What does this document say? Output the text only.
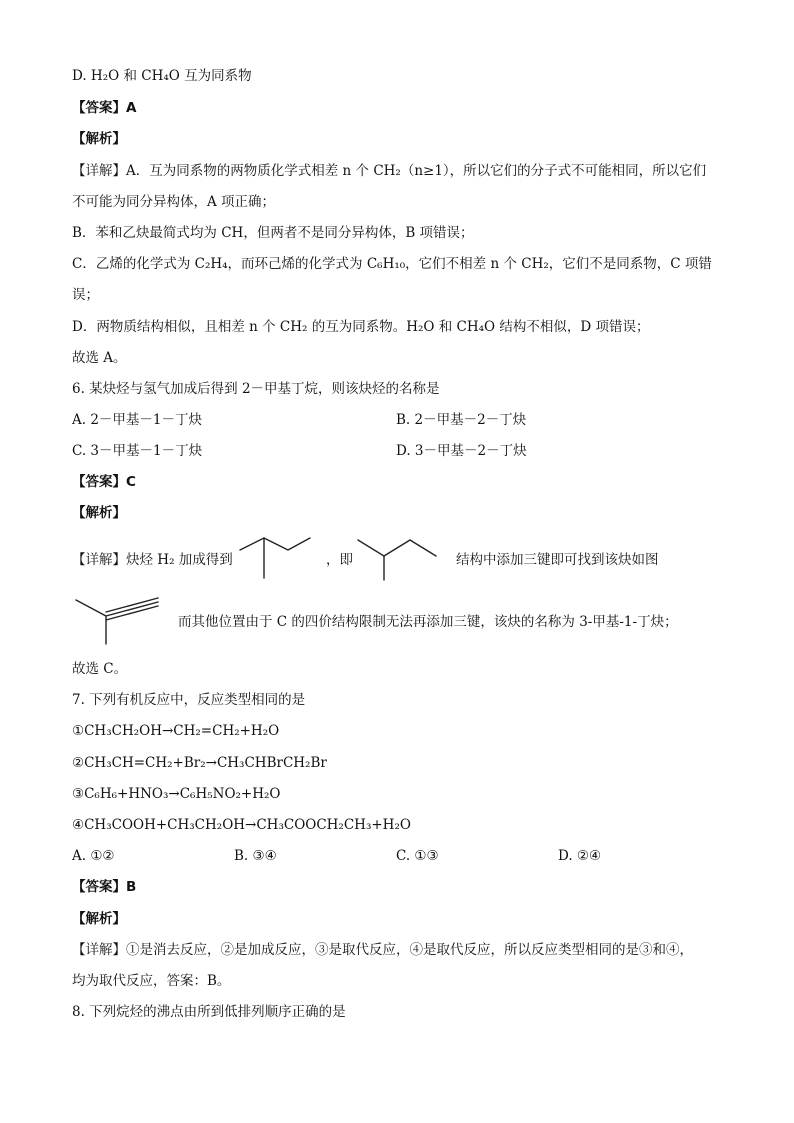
D. H₂O 和 CH₄O 互为同系物
【答案】A
【解析】
【详解】A．互为同系物的两物质化学式相差 n 个 CH₂（n≥1），所以它们的分子式不可能相同，所以它们
不可能为同分异构体，A 项正确；
B．苯和乙炔最简式均为 CH，但两者不是同分异构体，B 项错误；
C．乙烯的化学式为 C₂H₄，而环己烯的化学式为 C₆H₁₀，它们不相差 n 个 CH₂，它们不是同系物，C 项错
误；
D．两物质结构相似，且相差 n 个 CH₂ 的互为同系物。H₂O 和 CH₄O 结构不相似，D 项错误；
故选 A。
6. 某炔烃与氢气加成后得到 2－甲基丁烷，则该炔烃的名称是
A. 2－甲基－1－丁炔	B. 2－甲基－2－丁炔
C. 3－甲基－1－丁炔	D. 3－甲基－2－丁炔
【答案】C
【解析】
【详解】炔烃 H₂ 加成得到	，即	结构中添加三键即可找到该炔如图
而其他位置由于 C 的四价结构限制无法再添加三键，该炔的名称为 3-甲基-1-丁炔；
故选 C。
7. 下列有机反应中，反应类型相同的是
①CH₃CH₂OH→CH₂=CH₂+H₂O
②CH₃CH=CH₂+Br₂→CH₃CHBrCH₂Br
③C₆H₆+HNO₃→C₆H₅NO₂+H₂O
④CH₃COOH+CH₃CH₂OH→CH₃COOCH₂CH₃+H₂O
A. ①②	B. ③④	C. ①③	D. ②④
【答案】B
【解析】
【详解】①是消去反应，②是加成反应，③是取代反应，④是取代反应，所以反应类型相同的是③和④，
均为取代反应，答案：B。
8. 下列烷烃的沸点由所到低排列顺序正确的是
